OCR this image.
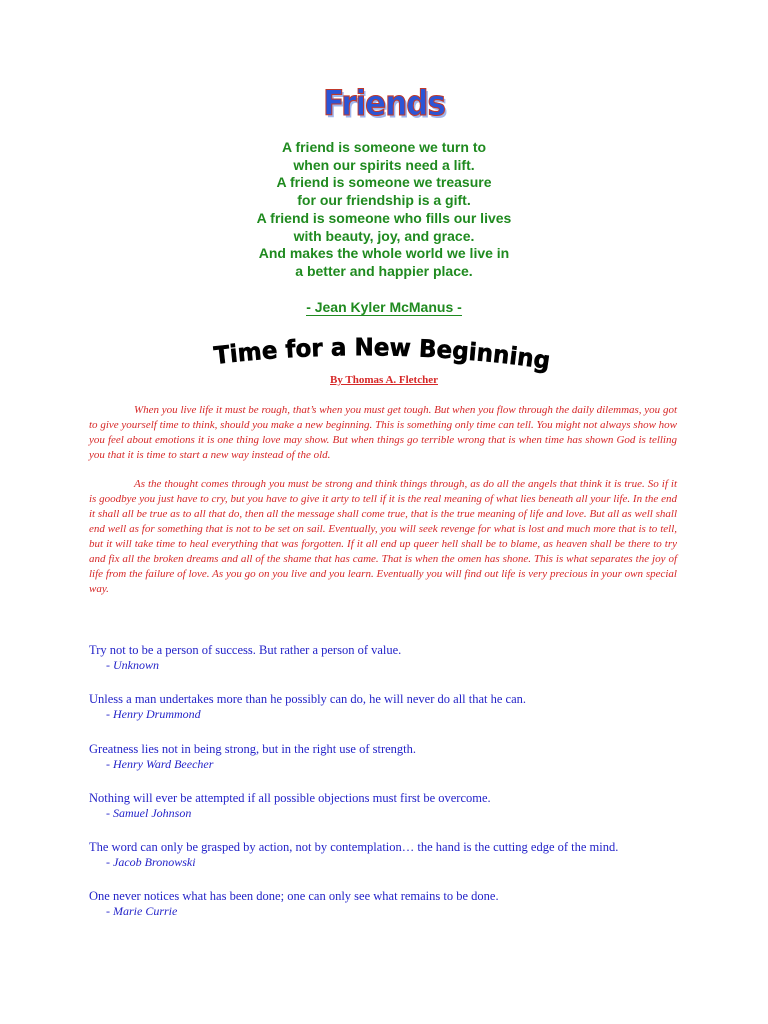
Friends
A friend is someone we turn to
when our spirits need a lift.
A friend is someone we treasure
for our friendship is a gift.
A friend is someone who fills our lives
with beauty, joy, and grace.
And makes the whole world we live in
a better and happier place.
- Jean Kyler McManus -
Time for a New Beginning
By Thomas A. Fletcher

When you live life it must be rough, that’s when you must get tough. But when you flow through the daily dilemmas, you got to give yourself time to think, should you make a new beginning. This is something only time can tell. You might not always show how you feel about emotions it is one thing love may show. But when things go terrible wrong that is when time has shown God is telling you that it is time to start a new way instead of the old.

As the thought comes through you must be strong and think things through, as do all the angels that think it is true. So if it is goodbye you just have to cry, but you have to give it arty to tell if it is the real meaning of what lies beneath all your life. In the end it shall all be true as to all that do, then all the message shall come true, that is the true meaning of life and love. But all as well shall end well as for something that is not to be set on sail. Eventually, you will seek revenge for what is lost and much more that is to tell, but it will take time to heal everything that was forgotten. If it all end up queer hell shall be to blame, as heaven shall be there to try and fix all the broken dreams and all of the shame that has came. That is when the omen has shone. This is what separates the joy of life from the failure of love. As you go on you live and you learn. Eventually you will find out life is very precious in your own special way.

Try not to be a person of success. But rather a person of value.
- Unknown
Unless a man undertakes more than he possibly can do, he will never do all that he can.
- Henry Drummond
Greatness lies not in being strong, but in the right use of strength.
- Henry Ward Beecher
Nothing will ever be attempted if all possible objections must first be overcome.
- Samuel Johnson
The word can only be grasped by action, not by contemplation… the hand is the cutting edge of the mind.
- Jacob Bronowski
One never notices what has been done; one can only see what remains to be done.
- Marie Currie
